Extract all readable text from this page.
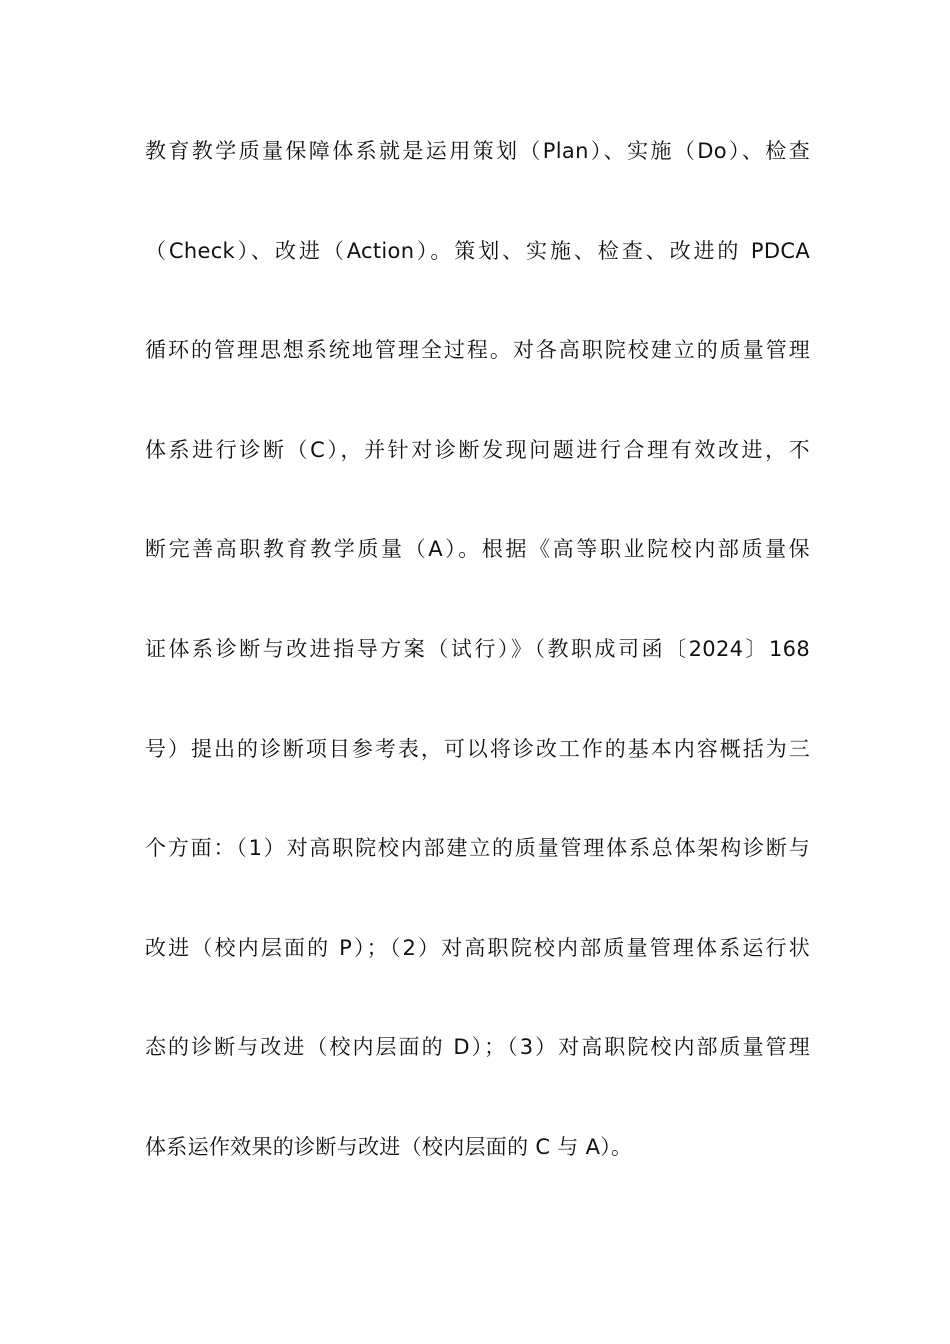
教育教学质量保障体系就是运用策划（Plan）、实施（Do）、检查
（Check）、改进（Action）。策划、实施、检查、改进的 PDCA
循环的管理思想系统地管理全过程。对各高职院校建立的质量管理
体系进行诊断（C），并针对诊断发现问题进行合理有效改进，不
断完善高职教育教学质量（A）。根据《高等职业院校内部质量保
证体系诊断与改进指导方案（试行）》（教职成司函〔2024〕168
号）提出的诊断项目参考表，可以将诊改工作的基本内容概括为三
个方面：（1）对高职院校内部建立的质量管理体系总体架构诊断与
改进（校内层面的 P）；（2）对高职院校内部质量管理体系运行状
态的诊断与改进（校内层面的 D）；（3）对高职院校内部质量管理
体系运作效果的诊断与改进（校内层面的 C 与 A）。
